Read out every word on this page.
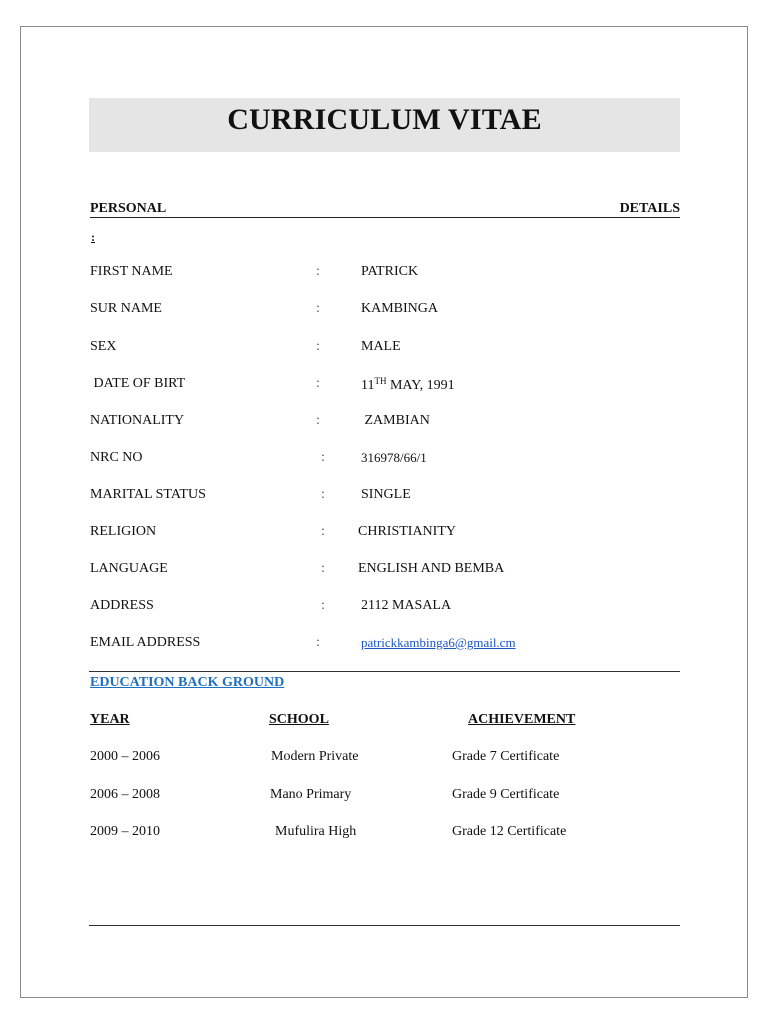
CURRICULUM VITAE
PERSONAL	DETAILS
:
FIRST NAME	:	PATRICK
SUR NAME	:	KAMBINGA
SEX	:	MALE
DATE OF BIRT	:	11TH MAY, 1991
NATIONALITY	:	ZAMBIAN
NRC NO	:	316978/66/1
MARITAL STATUS	:	SINGLE
RELIGION	: CHRISTIANITY
LANGUAGE	: ENGLISH AND BEMBA
ADDRESS	:	2112 MASALA
EMAIL ADDRESS	:	patrickkambinga6@gmail.cm
EDUCATION BACK GROUND
YEAR	SCHOOL	ACHIEVEMENT
2000 – 2006	Modern Private	Grade 7 Certificate
2006 – 2008	Mano Primary	Grade 9 Certificate
2009 – 2010	Mufulira High	Grade 12 Certificate
